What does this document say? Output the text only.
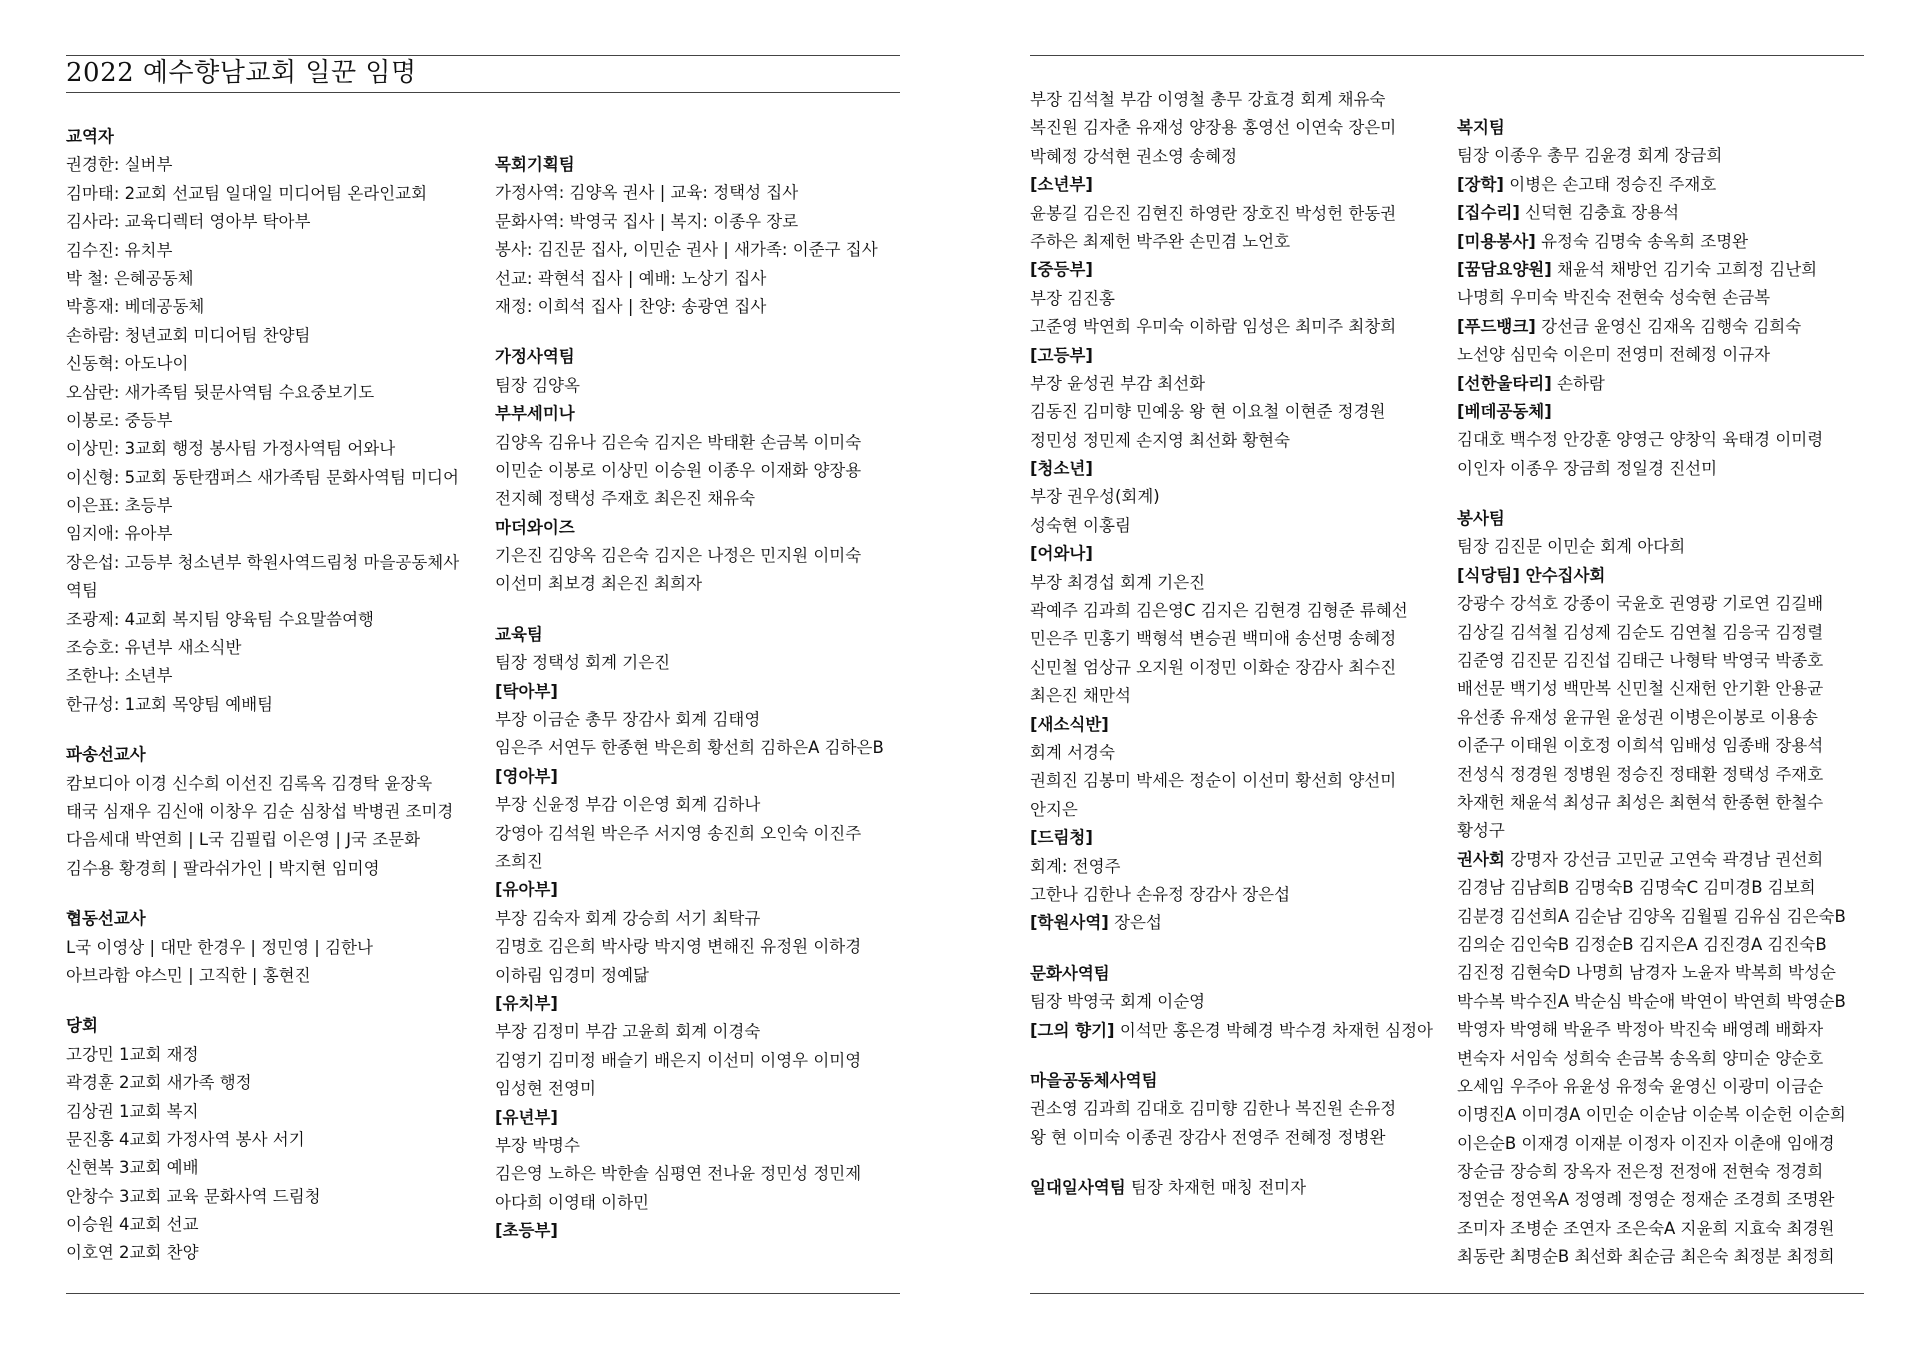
2022 예수향남교회 일꾼 임명
교역자
권경한: 실버부
김마태: 2교회 선교팀 일대일 미디어팀 온라인교회
김사라: 교육디렉터 영아부 탁아부
김수진: 유치부
박 철: 은혜공동체
박흥재: 베데공동체
손하람: 청년교회 미디어팀 찬양팀
신동혁: 아도나이
오삼란: 새가족팀 뒷문사역팀 수요중보기도
이봉로: 중등부
이상민: 3교회 행정 봉사팀 가정사역팀 어와나
이신형: 5교회 동탄캠퍼스 새가족팀 문화사역팀 미디어
이은표: 초등부
임지애: 유아부
장은섭: 고등부 청소년부 학원사역드림청 마을공동체사
역팀
조광제: 4교회 복지팀 양육팀 수요말씀여행
조승호: 유년부 새소식반
조한나: 소년부
한규성: 1교회 목양팀 예배팀
파송선교사
캄보디아 이경 신수희 이선진 김록옥 김경탁 윤장욱
태국 심재우 김신애 이창우 김순 심창섭 박병권 조미경
다음세대 박연희 | L국 김필립 이은영 | J국 조문화
김수용 황경희 | 팔라쉬가인 | 박지현 임미영
협동선교사
L국 이영상 | 대만 한경우 | 정민영 | 김한나
아브라함 야스민 | 고직한 | 홍현진
당회
고강민 1교회 재정
곽경훈 2교회 새가족 행정
김상권 1교회 복지
문진홍 4교회 가정사역 봉사 서기
신현복 3교회 예배
안창수 3교회 교육 문화사역 드림청
이승원 4교회 선교
이호연 2교회 찬양
목회기획팀
가정사역: 김양옥 권사 | 교육: 정택성 집사
문화사역: 박영국 집사 | 복지: 이종우 장로
봉사: 김진문 집사, 이민순 권사 | 새가족: 이준구 집사
선교: 곽현석 집사 | 예배: 노상기 집사
재정: 이희석 집사 | 찬양: 송광연 집사
가정사역팀
팀장 김양옥
부부세미나
김양옥 김유나 김은숙 김지은 박태환 손금복 이미숙
이민순 이봉로 이상민 이승원 이종우 이재화 양장용
전지혜 정택성 주재호 최은진 채유숙
마더와이즈
기은진 김양옥 김은숙 김지은 나정은 민지원 이미숙
이선미 최보경 최은진 최희자
교육팀
팀장 정택성 회계 기은진
[탁아부]
부장 이금순 총무 장감사 회계 김태영
임은주 서연두 한종현 박은희 황선희 김하은A 김하은B
[영아부]
부장 신윤정 부감 이은영 회계 김하나
강영아 김석원 박은주 서지영 송진희 오인숙 이진주
조희진
[유아부]
부장 김숙자 회계 강승희 서기 최탁규
김명호 김은희 박사랑 박지영 변해진 유정원 이하경
이하림 임경미 정예닮
[유치부]
부장 김정미 부감 고윤희 회계 이경숙
김영기 김미정 배슬기 배은지 이선미 이영우 이미영
임성현 전영미
[유년부]
부장 박명수
김은영 노하은 박한솔 심평연 전나윤 정민성 정민제
아다희 이영태 이하민
[초등부]
부장 김석철 부감 이영철 총무 강효경 회계 채유숙
복진원 김자춘 유재성 양장용 홍영선 이연숙 장은미
박혜정 강석현 권소영 송혜정
[소년부]
윤봉길 김은진 김현진 하영란 장호진 박성헌 한동권
주하은 최제헌 박주완 손민겸 노언호
[중등부]
부장 김진홍
고준영 박연희 우미숙 이하람 임성은 최미주 최창희
[고등부]
부장 윤성권 부감 최선화
김동진 김미향 민예웅 왕 현 이요철 이현준 정경원
정민성 정민제 손지영 최선화 황현숙
[청소년]
부장 권우성(회계)
성숙현 이홍림
[어와나]
부장 최경섭 회계 기은진
곽예주 김과희 김은영C 김지은 김현경 김형준 류혜선
민은주 민홍기 백형석 변승권 백미애 송선명 송혜정
신민철 엄상규 오지원 이정민 이화순 장감사 최수진
최은진 채만석
[새소식반]
회계 서경숙
권희진 김봉미 박세은 정순이 이선미 황선희 양선미
안지은
[드림청]
회계: 전영주
고한나 김한나 손유정 장감사 장은섭
[학원사역] 장은섭
문화사역팀
팀장 박영국 회계 이순영
[그의 향기] 이석만 홍은경 박혜경 박수경 차재헌 심정아
마을공동체사역팀
권소영 김과희 김대호 김미향 김한나 복진원 손유정
왕 현 이미숙 이종권 장감사 전영주 전혜정 정병완
일대일사역팀 팀장 차재헌 매칭 전미자
복지팀
팀장 이종우 총무 김윤경 회계 장금희
[장학] 이병은 손고태 정승진 주재호
[집수리] 신덕현 김충효 장용석
[미용봉사] 유정숙 김명숙 송옥희 조명완
[꿈담요양원] 채윤석 채방언 김기숙 고희정 김난희
나명희 우미숙 박진숙 전현숙 성숙현 손금복
[푸드뱅크] 강선금 윤영신 김재옥 김행숙 김희숙
노선양 심민숙 이은미 전영미 전혜정 이규자
[선한울타리] 손하람
[베데공동체]
김대호 백수정 안강훈 양영근 양창익 육태경 이미령
이인자 이종우 장금희 정일경 진선미
봉사팀
팀장 김진문 이민순 회계 아다희
[식당팀] 안수집사회
강광수 강석호 강종이 국윤호 권영광 기로연 김길배
김상길 김석철 김성제 김순도 김연철 김응국 김정렬
김준영 김진문 김진섭 김태근 나형탁 박영국 박종호
배선문 백기성 백만복 신민철 신재헌 안기환 안용균
유선종 유재성 윤규원 윤성권 이병은이봉로 이용송
이준구 이태원 이호정 이희석 임배성 임종배 장용석
전성식 정경원 정병원 정승진 정태환 정택성 주재호
차재헌 채윤석 최성규 최성은 최현석 한종현 한철수
황성구
권사회 강명자 강선금 고민균 고연숙 곽경남 권선희
김경남 김남희B 김명숙B 김명숙C 김미경B 김보희
김분경 김선희A 김순남 김양옥 김월필 김유심 김은숙B
김의순 김인숙B 김정순B 김지은A 김진경A 김진숙B
김진정 김현숙D 나명희 남경자 노윤자 박복희 박성순
박수복 박수진A 박순심 박순애 박연이 박연희 박영순B
박영자 박영해 박윤주 박정아 박진숙 배영례 배화자
변숙자 서임숙 성희숙 손금복 송옥희 양미순 양순호
오세임 우주아 유윤성 유정숙 윤영신 이광미 이금순
이명진A 이미경A 이민순 이순남 이순복 이순헌 이순희
이은순B 이재경 이재분 이정자 이진자 이춘애 임애경
장순금 장승희 장옥자 전은정 전정애 전현숙 정경희
정연순 정연옥A 정영례 정영순 정재순 조경희 조명완
조미자 조병순 조연자 조은숙A 지윤희 지효숙 최경원
최동란 최명순B 최선화 최순금 최은숙 최정분 최정희
